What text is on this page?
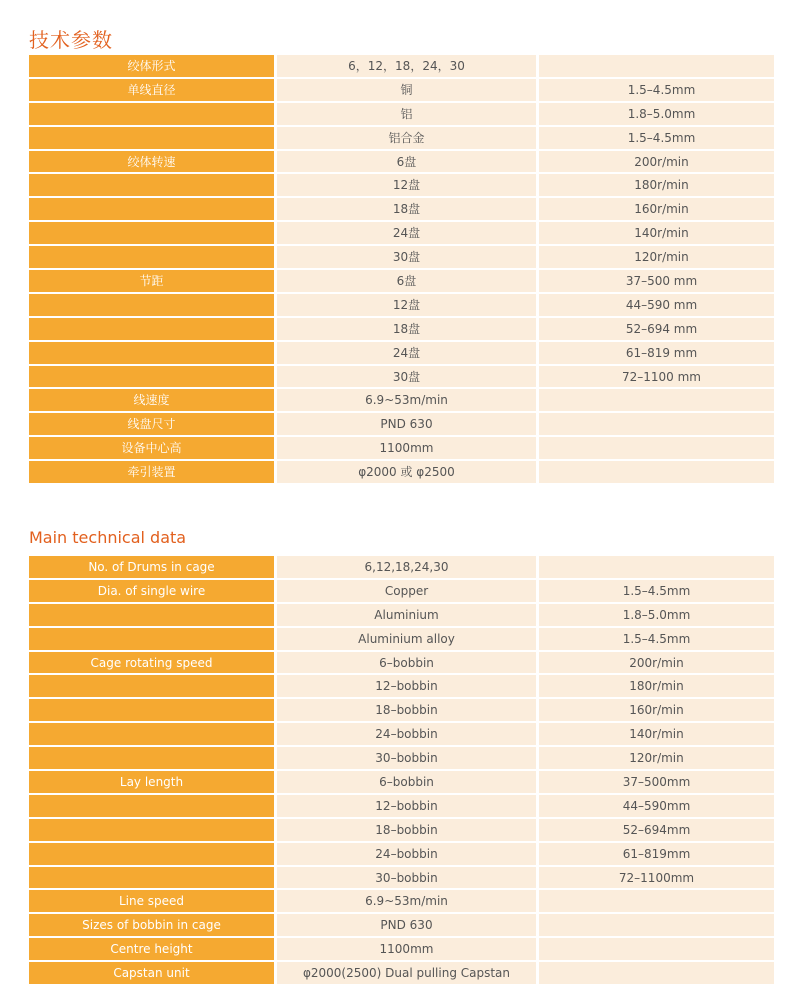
技术参数
绞体形式	6，12，18，24，30	
单线直径	铜	1.5–4.5mm
	铝	1.8–5.0mm
	铝合金	1.5–4.5mm
绞体转速	6盘	200r/min
	12盘	180r/min
	18盘	160r/min
	24盘	140r/min
	30盘	120r/min
节距	6盘	37–500 mm
	12盘	44–590 mm
	18盘	52–694 mm
	24盘	61–819 mm
	30盘	72–1100 mm
线速度	6.9~53m/min	
线盘尺寸	PND 630	
设备中心高	1100mm	
牵引装置	φ2000 或 φ2500	
Main technical data
No. of Drums in cage	6,12,18,24,30	
Dia. of single wire	Copper	1.5–4.5mm
	Aluminium	1.8–5.0mm
	Aluminium alloy	1.5–4.5mm
Cage rotating speed	6–bobbin	200r/min
	12–bobbin	180r/min
	18–bobbin	160r/min
	24–bobbin	140r/min
	30–bobbin	120r/min
Lay length	6–bobbin	37–500mm
	12–bobbin	44–590mm
	18–bobbin	52–694mm
	24–bobbin	61–819mm
	30–bobbin	72–1100mm
Line speed	6.9~53m/min	
Sizes of bobbin in cage	PND 630	
Centre height	1100mm	
Capstan unit	φ2000(2500) Dual pulling Capstan	
